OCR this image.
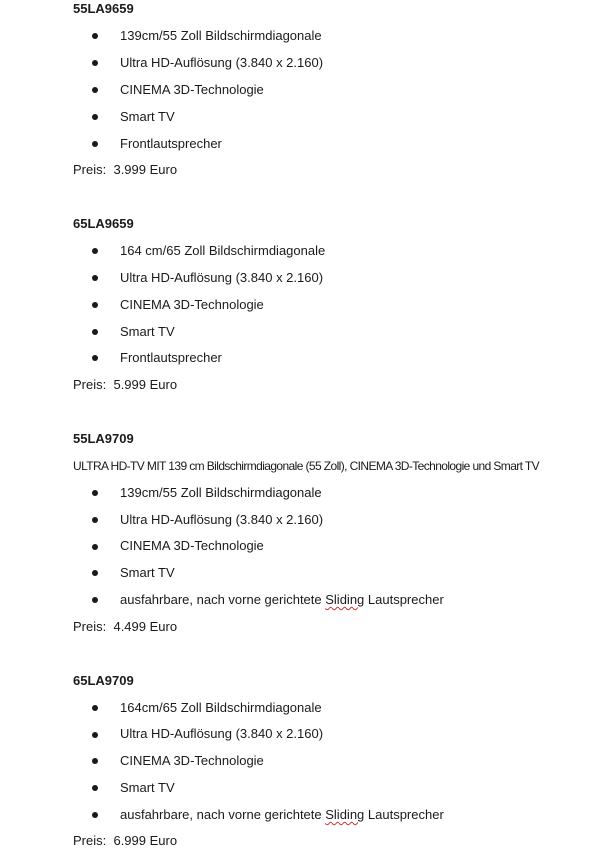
55LA9659
139cm/55 Zoll Bildschirmdiagonale
Ultra HD-Auflösung (3.840 x 2.160)
CINEMA 3D-Technologie
Smart TV
Frontlautsprecher
Preis: 3.999 Euro
65LA9659
164 cm/65 Zoll Bildschirmdiagonale
Ultra HD-Auflösung (3.840 x 2.160)
CINEMA 3D-Technologie
Smart TV
Frontlautsprecher
Preis: 5.999 Euro
55LA9709
ULTRA HD-TV MIT 139 cm Bildschirmdiagonale (55 Zoll), CINEMA 3D-Technologie und Smart TV
139cm/55 Zoll Bildschirmdiagonale
Ultra HD-Auflösung (3.840 x 2.160)
CINEMA 3D-Technologie
Smart TV
ausfahrbare, nach vorne gerichtete Sliding Lautsprecher
Preis: 4.499 Euro
65LA9709
164cm/65 Zoll Bildschirmdiagonale
Ultra HD-Auflösung (3.840 x 2.160)
CINEMA 3D-Technologie
Smart TV
ausfahrbare, nach vorne gerichtete Sliding Lautsprecher
Preis: 6.999 Euro
